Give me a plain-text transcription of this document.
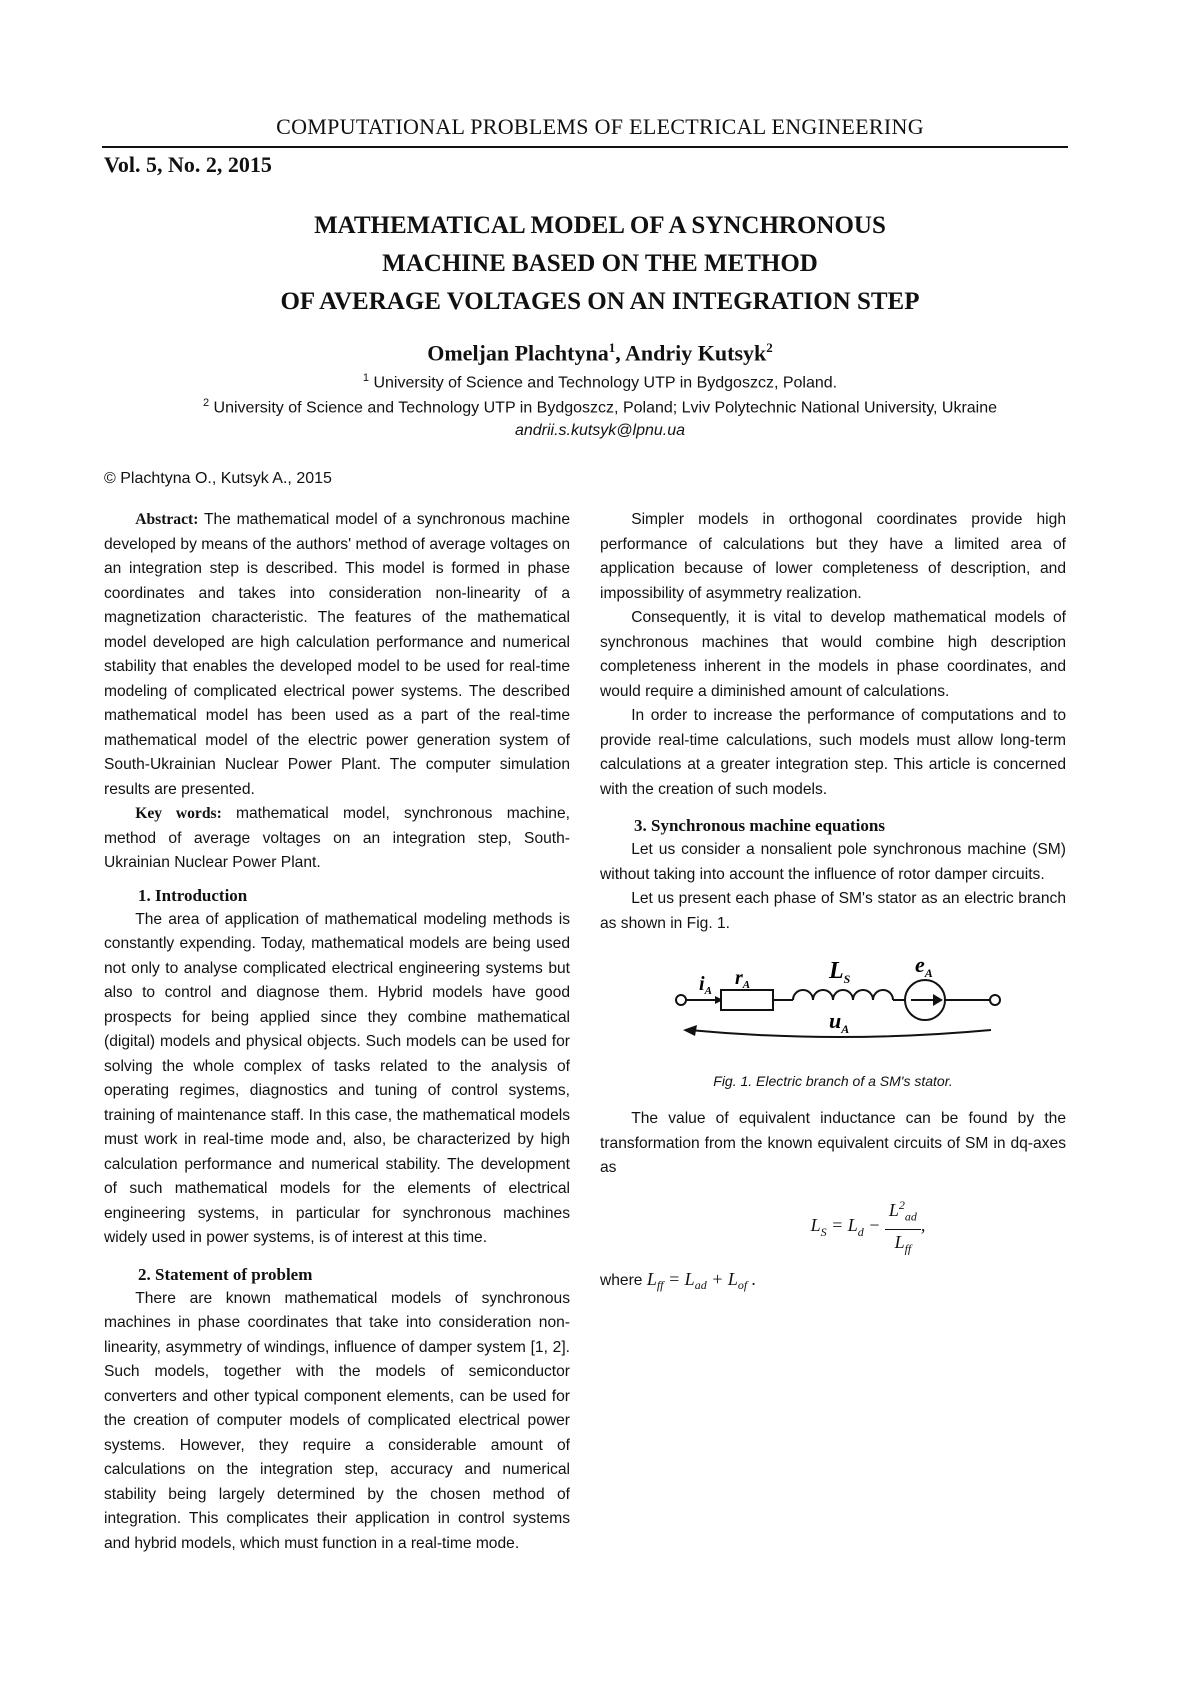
COMPUTATIONAL PROBLEMS OF ELECTRICAL ENGINEERING
Vol. 5, No. 2, 2015
MATHEMATICAL MODEL OF A SYNCHRONOUS
MACHINE BASED ON THE METHOD
OF AVERAGE VOLTAGES ON AN INTEGRATION STEP
Omeljan Plachtyna$^1$, Andriy Kutsyk$^2$
$^1$ University of Science and Technology UTP in Bydgoszcz, Poland.
$^2$ University of Science and Technology UTP in Bydgoszcz, Poland; Lviv Polytechnic National University, Ukraine
andrii.s.kutsyk@lpnu.ua
© Plachtyna O., Kutsyk A., 2015

Abstract: The mathematical model of a synchronous machine developed by means of the authors' method of average voltages on an integration step is described. This model is formed in phase coordinates and takes into consideration non-linearity of a magnetization characteristic. The features of the mathematical model developed are high calculation performance and numerical stability that enables the developed model to be used for real-time modeling of complicated electrical power systems. The described mathematical model has been used as a part of the real-time mathematical model of the electric power generation system of South-Ukrainian Nuclear Power Plant. The computer simulation results are presented.

Key words: mathematical model, synchronous machine, method of average voltages on an integration step, South-Ukrainian Nuclear Power Plant.

1. Introduction

The area of application of mathematical modeling methods is constantly expending. Today, mathematical models are being used not only to analyse complicated electrical engineering systems but also to control and diagnose them. Hybrid models have good prospects for being applied since they combine mathematical (digital) models and physical objects. Such models can be used for solving the whole complex of tasks related to the analysis of operating regimes, diagnostics and tuning of control systems, training of maintenance staff. In this case, the mathematical models must work in real-time mode and, also, be characterized by high calculation performance and numerical stability. The development of such mathematical models for the elements of electrical engineering systems, in particular for synchronous machines widely used in power systems, is of interest at this time.

2. Statement of problem

There are known mathematical models of synchronous machines in phase coordinates that take into consideration non-linearity, asymmetry of windings, influence of damper system [1, 2]. Such models, together with the models of semiconductor converters and other typical component elements, can be used for the creation of computer models of complicated electrical power systems. However, they require a considerable amount of calculations on the integration step, accuracy and numerical stability being largely determined by the chosen method of integration. This complicates their application in control systems and hybrid models, which must function in a real-time mode.

Simpler models in orthogonal coordinates provide high performance of calculations but they have a limited area of application because of lower completeness of description, and impossibility of asymmetry realization.

Consequently, it is vital to develop mathematical models of synchronous machines that would combine high description completeness inherent in the models in phase coordinates, and would require a diminished amount of calculations.

In order to increase the performance of computations and to provide real-time calculations, such models must allow long-term calculations at a greater integration step. This article is concerned with the creation of such models.

3. Synchronous machine equations

Let us consider a nonsalient pole synchronous machine (SM) without taking into account the influence of rotor damper circuits.

Let us present each phase of SM's stator as an electric branch as shown in Fig. 1.

$i_A$
$r_A$
$L_S$
$e_A$
$u_A$
Fig. 1. Electric branch of a SM's stator.

The value of equivalent inductance can be found by the transformation from the known equivalent circuits of SM in dq-axes as

$L_S = L_d - \frac{L^2_{ad}}{L_{ff}}$ ,

where $L_{ff} = L_{ad} + L_{of}$ .
